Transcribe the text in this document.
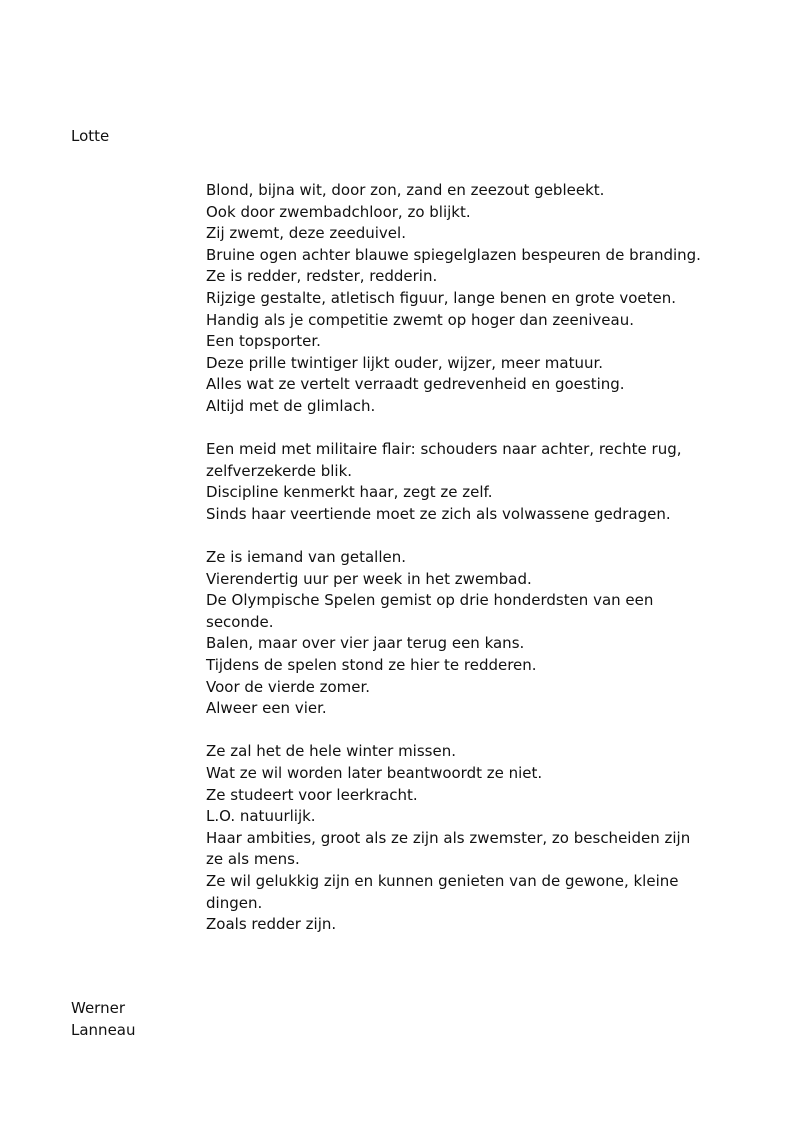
Lotte
Blond, bijna wit, door zon, zand en zeezout gebleekt.
Ook door zwembadchloor, zo blijkt.
Zij zwemt, deze zeeduivel.
Bruine ogen achter blauwe spiegelglazen bespeuren de branding.
Ze is redder, redster, redderin.
Rijzige gestalte, atletisch figuur, lange benen en grote voeten.
Handig als je competitie zwemt op hoger dan zeeniveau.
Een topsporter.
Deze prille twintiger lijkt ouder, wijzer, meer matuur.
Alles wat ze vertelt verraadt gedrevenheid en goesting.
Altijd met de glimlach.
Een meid met militaire flair: schouders naar achter, rechte rug,
zelfverzekerde blik.
Discipline kenmerkt haar, zegt ze zelf.
Sinds haar veertiende moet ze zich als volwassene gedragen.
Ze is iemand van getallen.
Vierendertig uur per week in het zwembad.
De Olympische Spelen gemist op drie honderdsten van een
seconde.
Balen, maar over vier jaar terug een kans.
Tijdens de spelen stond ze hier te redderen.
Voor de vierde zomer.
Alweer een vier.
Ze zal het de hele winter missen.
Wat ze wil worden later beantwoordt ze niet.
Ze studeert voor leerkracht.
L.O. natuurlijk.
Haar ambities, groot als ze zijn als zwemster, zo bescheiden zijn
ze als mens.
Ze wil gelukkig zijn en kunnen genieten van de gewone, kleine
dingen.
Zoals redder zijn.
Werner
Lanneau
